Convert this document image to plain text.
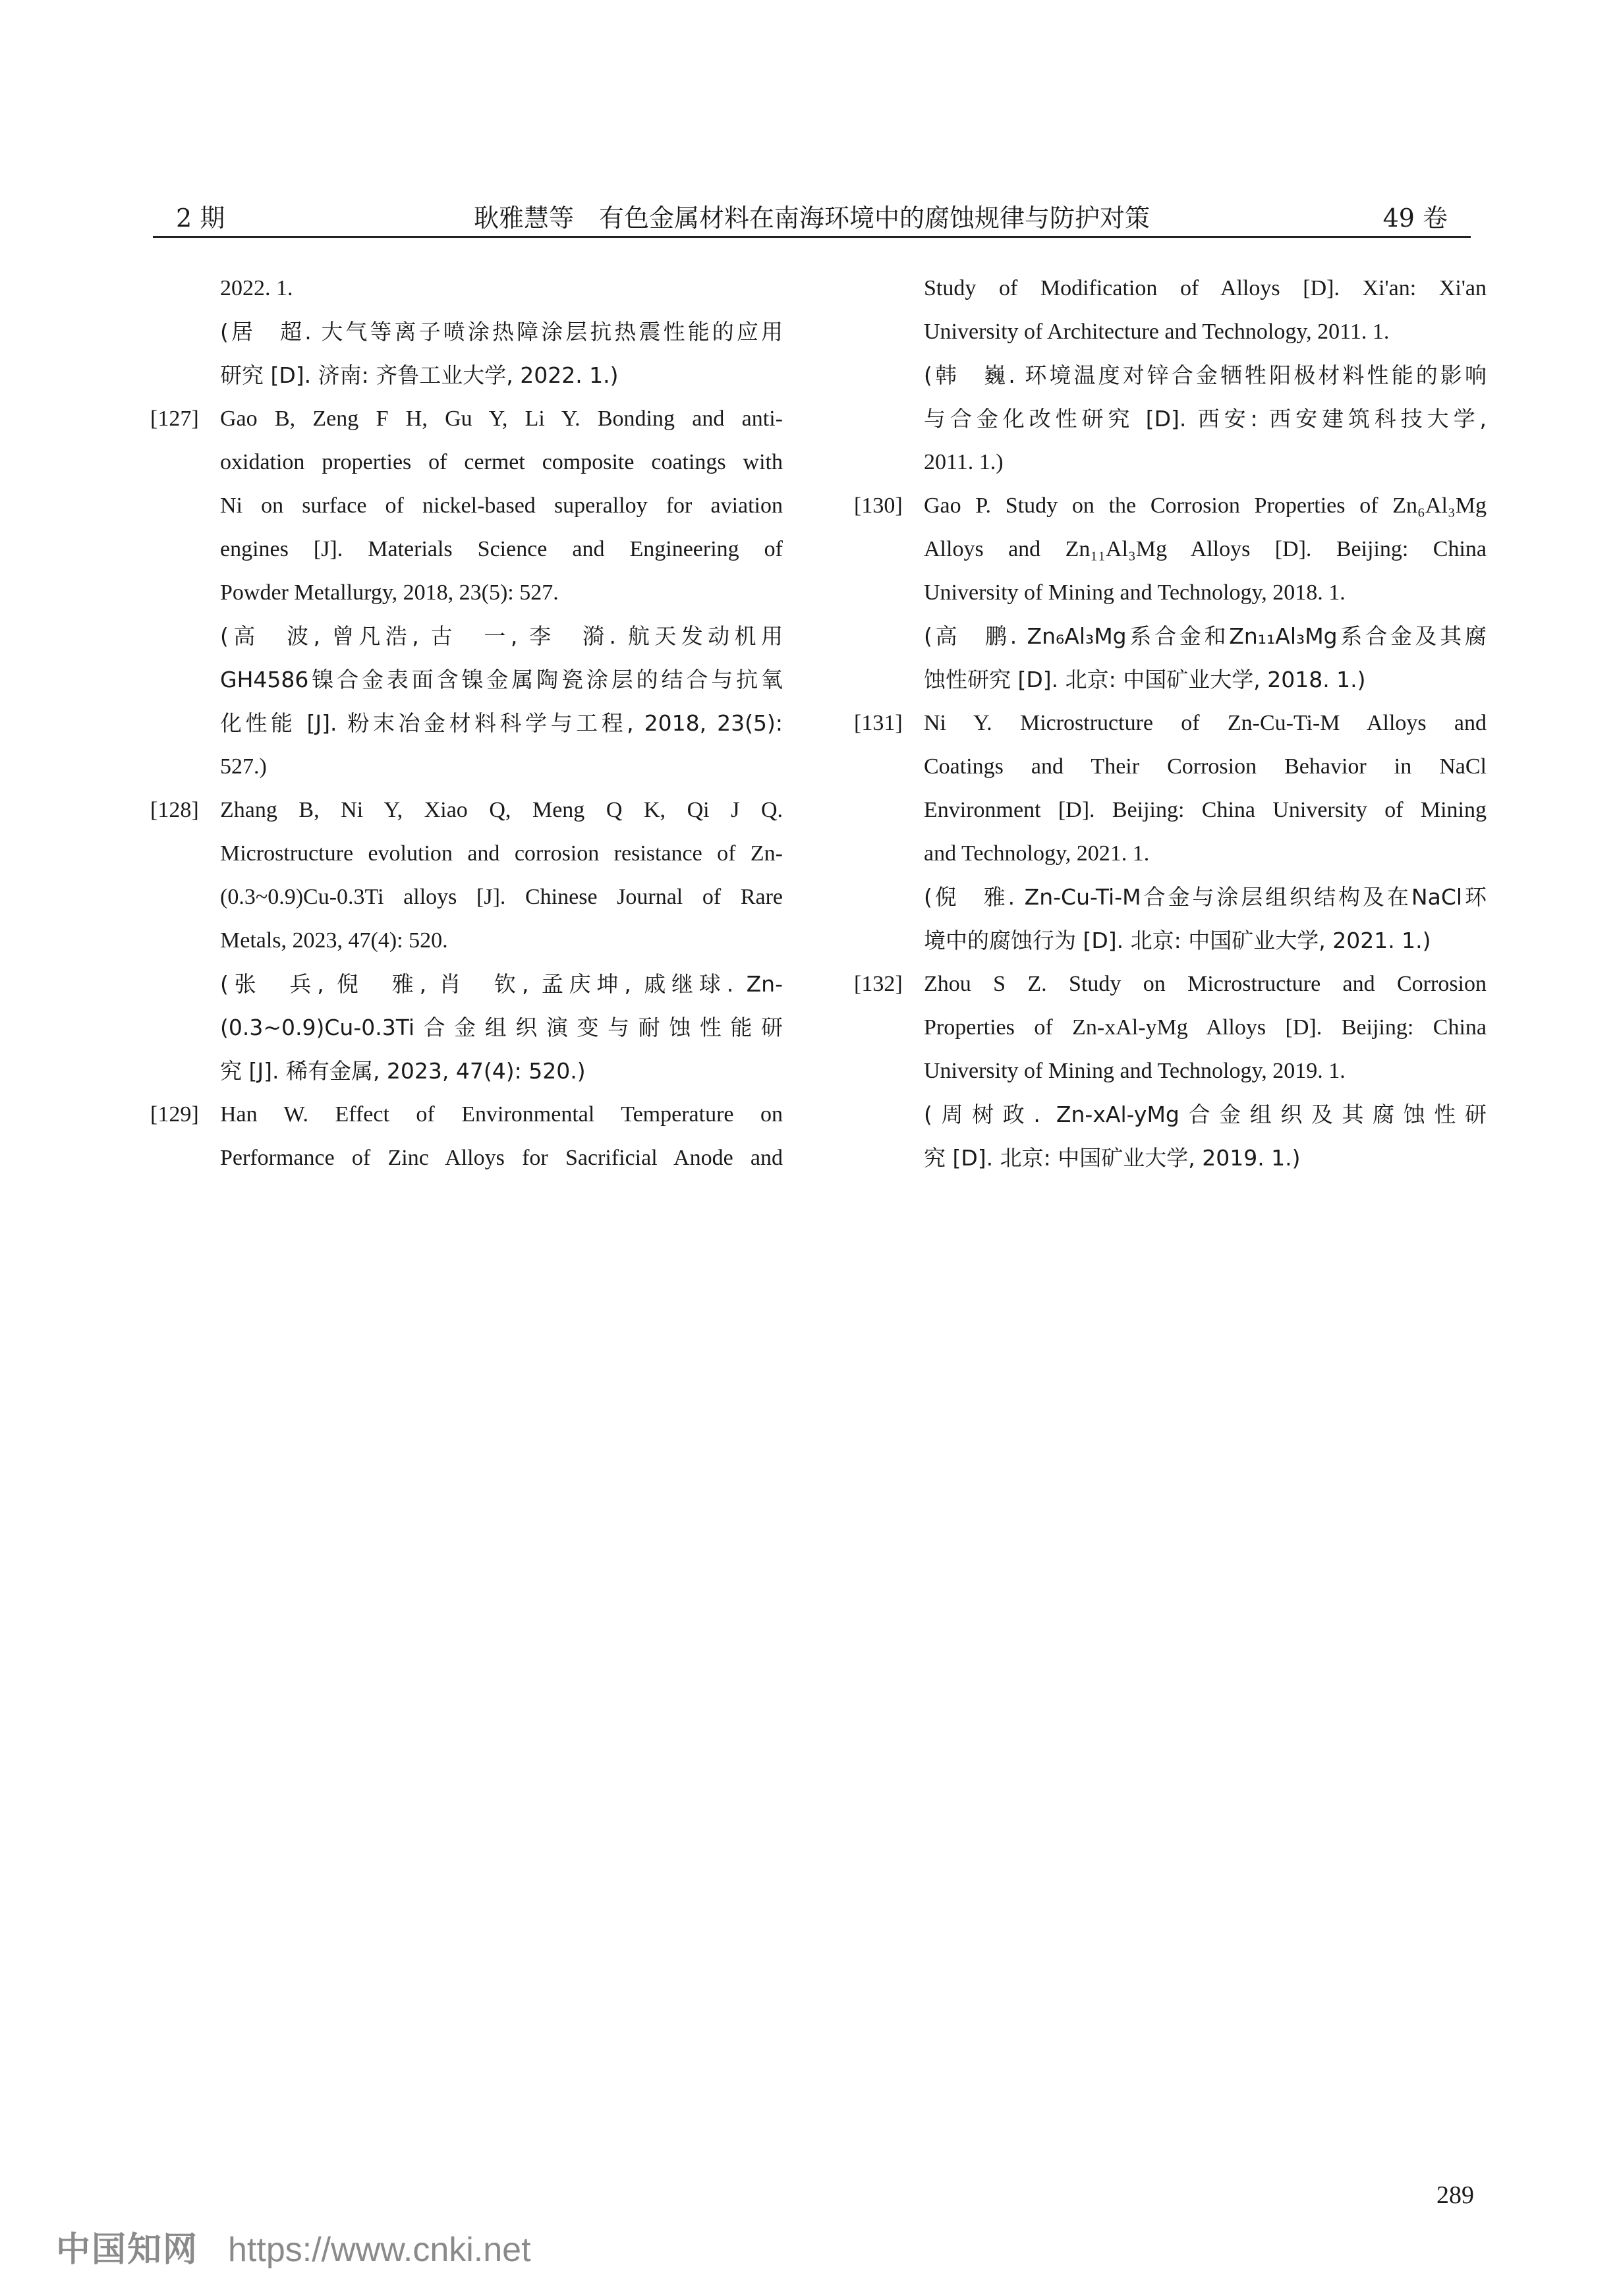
2 期	耿雅慧等　有色金属材料在南海环境中的腐蚀规律与防护对策	49 卷
2022. 1.
(居　超. 大气等离子喷涂热障涂层抗热震性能的应用
研究 [D]. 济南: 齐鲁工业大学, 2022. 1.)
Gao B, Zeng F H, Gu Y, Li Y. Bonding and anti-
[127]
oxidation properties of cermet composite coatings with
Ni on surface of nickel-based superalloy for aviation
engines [J]. Materials Science and Engineering of
Powder Metallurgy, 2018, 23(5): 527.
(高　波, 曾凡浩, 古　一, 李　漪. 航天发动机用
GH4586镍合金表面含镍金属陶瓷涂层的结合与抗氧
化性能 [J]. 粉末冶金材料科学与工程, 2018, 23(5):
527.)
Zhang B, Ni Y, Xiao Q, Meng Q K, Qi J Q.
[128]
Microstructure evolution and corrosion resistance of Zn-
(0.3~0.9)Cu-0.3Ti alloys [J]. Chinese Journal of Rare
Metals, 2023, 47(4): 520.
(张　兵, 倪　雅, 肖　钦, 孟庆坤, 戚继球. Zn-
(0.3~0.9)Cu-0.3Ti合金组织演变与耐蚀性能研
究 [J]. 稀有金属, 2023, 47(4): 520.)
Han W. Effect of Environmental Temperature on
[129]
Performance of Zinc Alloys for Sacrificial Anode and
Study of Modification of Alloys [D]. Xi'an: Xi'an
University of Architecture and Technology, 2011. 1.
(韩　巍. 环境温度对锌合金牺牲阳极材料性能的影响
与合金化改性研究 [D]. 西安: 西安建筑科技大学,
2011. 1.)
Gao P. Study on the Corrosion Properties of Zn₆Al₃Mg
[130]
Alloys and Zn₁₁Al₃Mg Alloys [D]. Beijing: China
University of Mining and Technology, 2018. 1.
(高　鹏. Zn₆Al₃Mg系合金和Zn₁₁Al₃Mg系合金及其腐
蚀性研究 [D]. 北京: 中国矿业大学, 2018. 1.)
Ni Y. Microstructure of Zn-Cu-Ti-M Alloys and
[131]
Coatings and Their Corrosion Behavior in NaCl
Environment [D]. Beijing: China University of Mining
and Technology, 2021. 1.
(倪　雅. Zn-Cu-Ti-M合金与涂层组织结构及在NaCl环
境中的腐蚀行为 [D]. 北京: 中国矿业大学, 2021. 1.)
Zhou S Z. Study on Microstructure and Corrosion
[132]
Properties of Zn-xAl-yMg Alloys [D]. Beijing: China
University of Mining and Technology, 2019. 1.
(周树政. Zn-xAl-yMg合金组织及其腐蚀性研
究 [D]. 北京: 中国矿业大学, 2019. 1.)
289
中国知网 https://www.cnki.net
